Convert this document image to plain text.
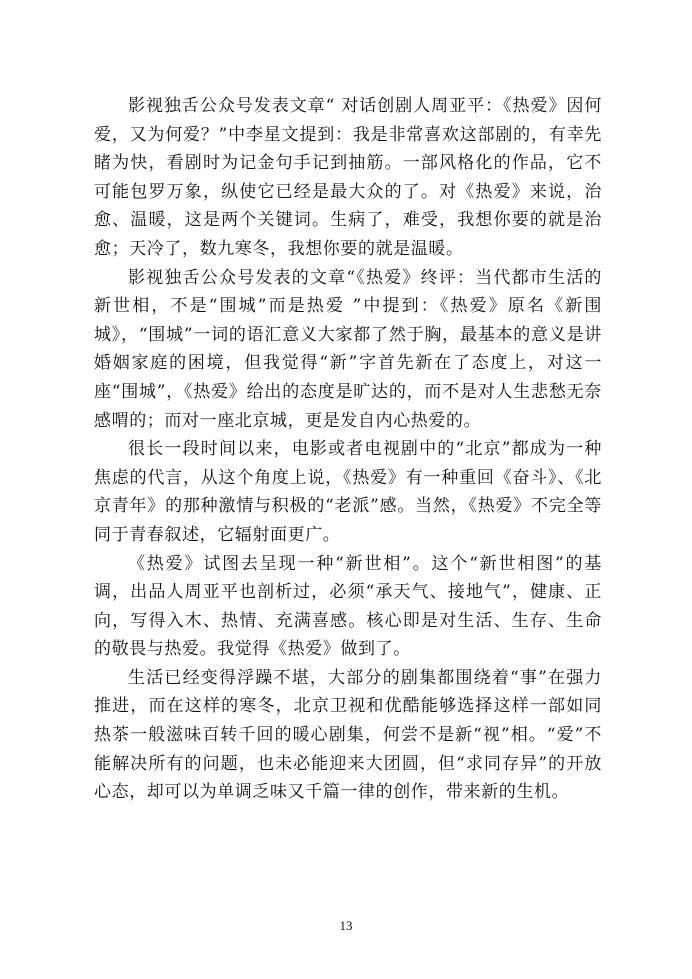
影视独舌公众号发表文章“ 对话创剧人周亚平：《热爱》因何爱，又为何爱？”中李星文提到：我是非常喜欢这部剧的，有幸先睹为快，看剧时为记金句手记到抽筋。一部风格化的作品，它不可能包罗万象，纵使它已经是最大众的了。对《热爱》来说，治愈、温暖，这是两个关键词。生病了，难受，我想你要的就是治愈；天冷了，数九寒冬，我想你要的就是温暖。

影视独舌公众号发表的文章“《热爱》终评：当代都市生活的新世相，不是“围城”而是热爱 ”中提到：《热爱》原名《新围城》，“围城”一词的语汇意义大家都了然于胸，最基本的意义是讲婚姻家庭的困境，但我觉得“新”字首先新在了态度上，对这一座“围城”，《热爱》给出的态度是旷达的，而不是对人生悲愁无奈感喟的；而对一座北京城，更是发自内心热爱的。

很长一段时间以来，电影或者电视剧中的“北京”都成为一种焦虑的代言，从这个角度上说，《热爱》有一种重回《奋斗》、《北京青年》的那种激情与积极的“老派”感。当然，《热爱》不完全等同于青春叙述，它辐射面更广。

《热爱》试图去呈现一种“新世相”。这个“新世相图”的基调，出品人周亚平也剖析过，必须“承天气、接地气”，健康、正向，写得入木、热情、充满喜感。核心即是对生活、生存、生命的敬畏与热爱。我觉得《热爱》做到了。

生活已经变得浮躁不堪，大部分的剧集都围绕着“事”在强力推进，而在这样的寒冬，北京卫视和优酷能够选择这样一部如同热茶一般滋味百转千回的暖心剧集，何尝不是新“视”相。“爱”不能解决所有的问题，也未必能迎来大团圆，但“求同存异”的开放心态，却可以为单调乏味又千篇一律的创作，带来新的生机。

13
